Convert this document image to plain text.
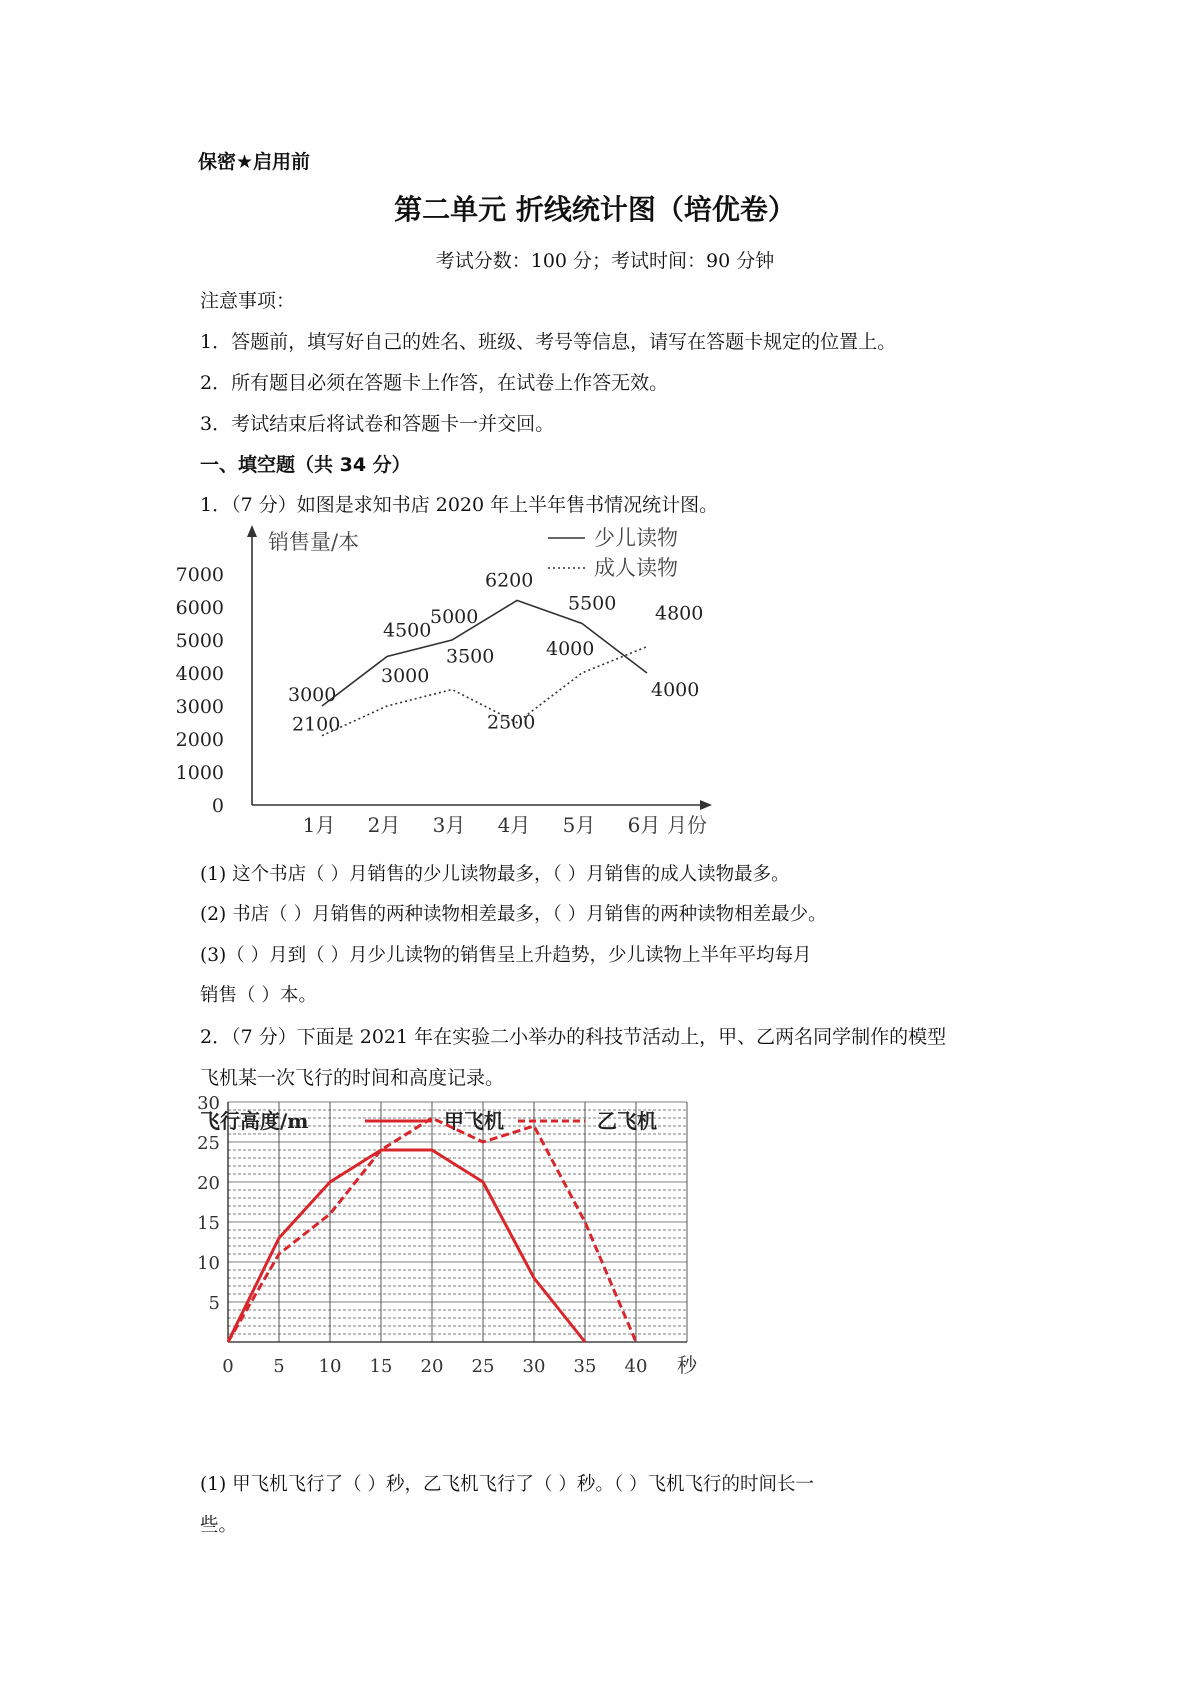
保密★启用前
第二单元 折线统计图（培优卷）
考试分数：100 分；考试时间：90 分钟
注意事项：
1．答题前，填写好自己的姓名、班级、考号等信息，请写在答题卡规定的位置上。
2．所有题目必须在答题卡上作答，在试卷上作答无效。
3．考试结束后将试卷和答题卡一并交回。
一、填空题（共 34 分）
1．（7 分）如图是求知书店 2020 年上半年售书情况统计图。
销售量/本
月份
0
1000
2000
3000
4000
5000
6000
7000
1月 2月 3月 4月 5月 6月
少儿读物
成人读物
3000
4500
5000
6200
5500
4000
2100
3000
3500
2500
4000
4800
(1) 这个书店（ ）月销售的少儿读物最多，（ ）月销售的成人读物最多。
(2) 书店（ ）月销售的两种读物相差最多，（ ）月销售的两种读物相差最少。
(3)（ ）月到（ ）月少儿读物的销售呈上升趋势，少儿读物上半年平均每月
销售（ ）本。
2．（7 分）下面是 2021 年在实验二小举办的科技节活动上，甲、乙两名同学制作的模型
飞机某一次飞行的时间和高度记录。
5
10
15
20
25
30
0 5 10 15 20 25 30 35 40 秒
飞行高度/m	甲飞机	乙飞机
(1) 甲飞机飞行了（ ）秒，乙飞机飞行了（ ）秒。（ ）飞机飞行的时间长一
些。
